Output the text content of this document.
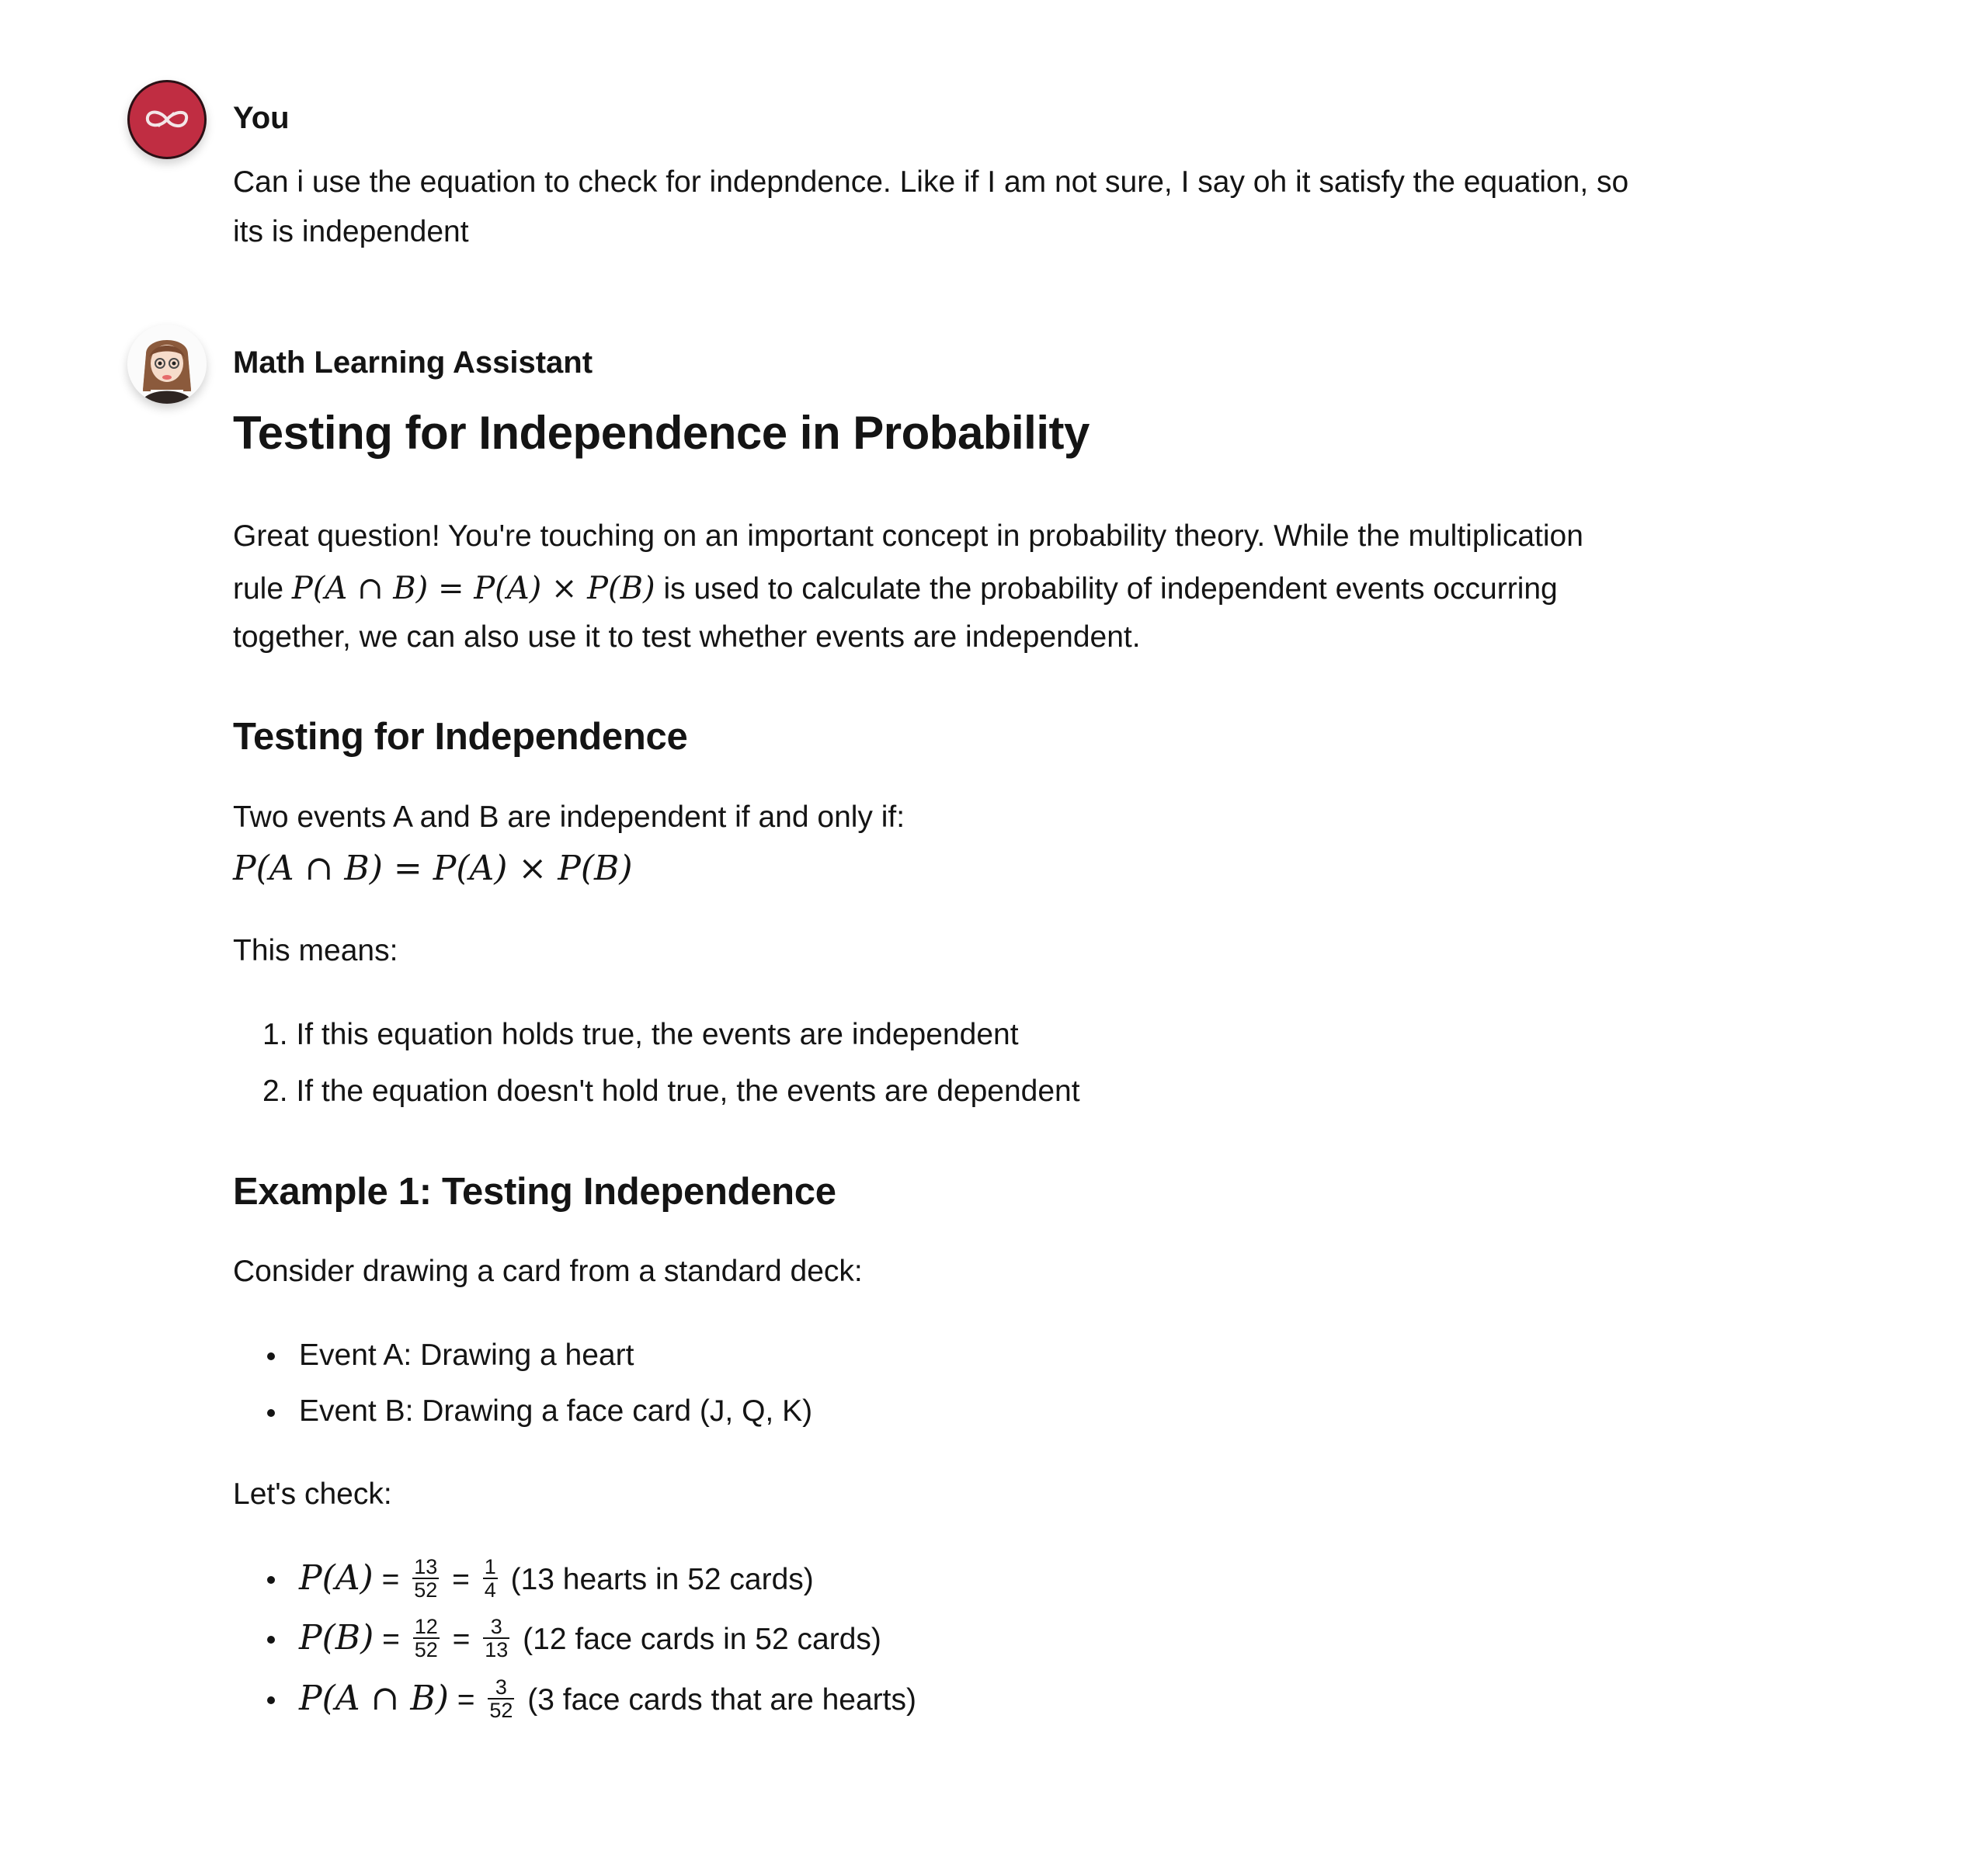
You
Can i use the equation to check for indepndence. Like if I am not sure, I say oh it satisfy the equation, so
its is independent
Math Learning Assistant
Testing for Independence in Probability
Great question! You're touching on an important concept in probability theory. While the multiplication
rule P(A ∩ B) = P(A) × P(B) is used to calculate the probability of independent events occurring
together, we can also use it to test whether events are independent.
Testing for Independence
Two events A and B are independent if and only if:
P(A ∩ B) = P(A) × P(B)
This means:
1. If this equation holds true, the events are independent
2. If the equation doesn't hold true, the events are dependent
Example 1: Testing Independence
Consider drawing a card from a standard deck:
Event A: Drawing a heart
Event B: Drawing a face card (J, Q, K)
Let's check:
$P(A) = \frac{13}{52} = \frac{1}{4} (13$ hearts in 52 cards)
$P(B) = \frac{12}{52} = \frac{3}{13} (12$ face cards in 52 cards)
P(A ∩ $B) = \frac{3}{52} (3$ face cards that are hearts)
